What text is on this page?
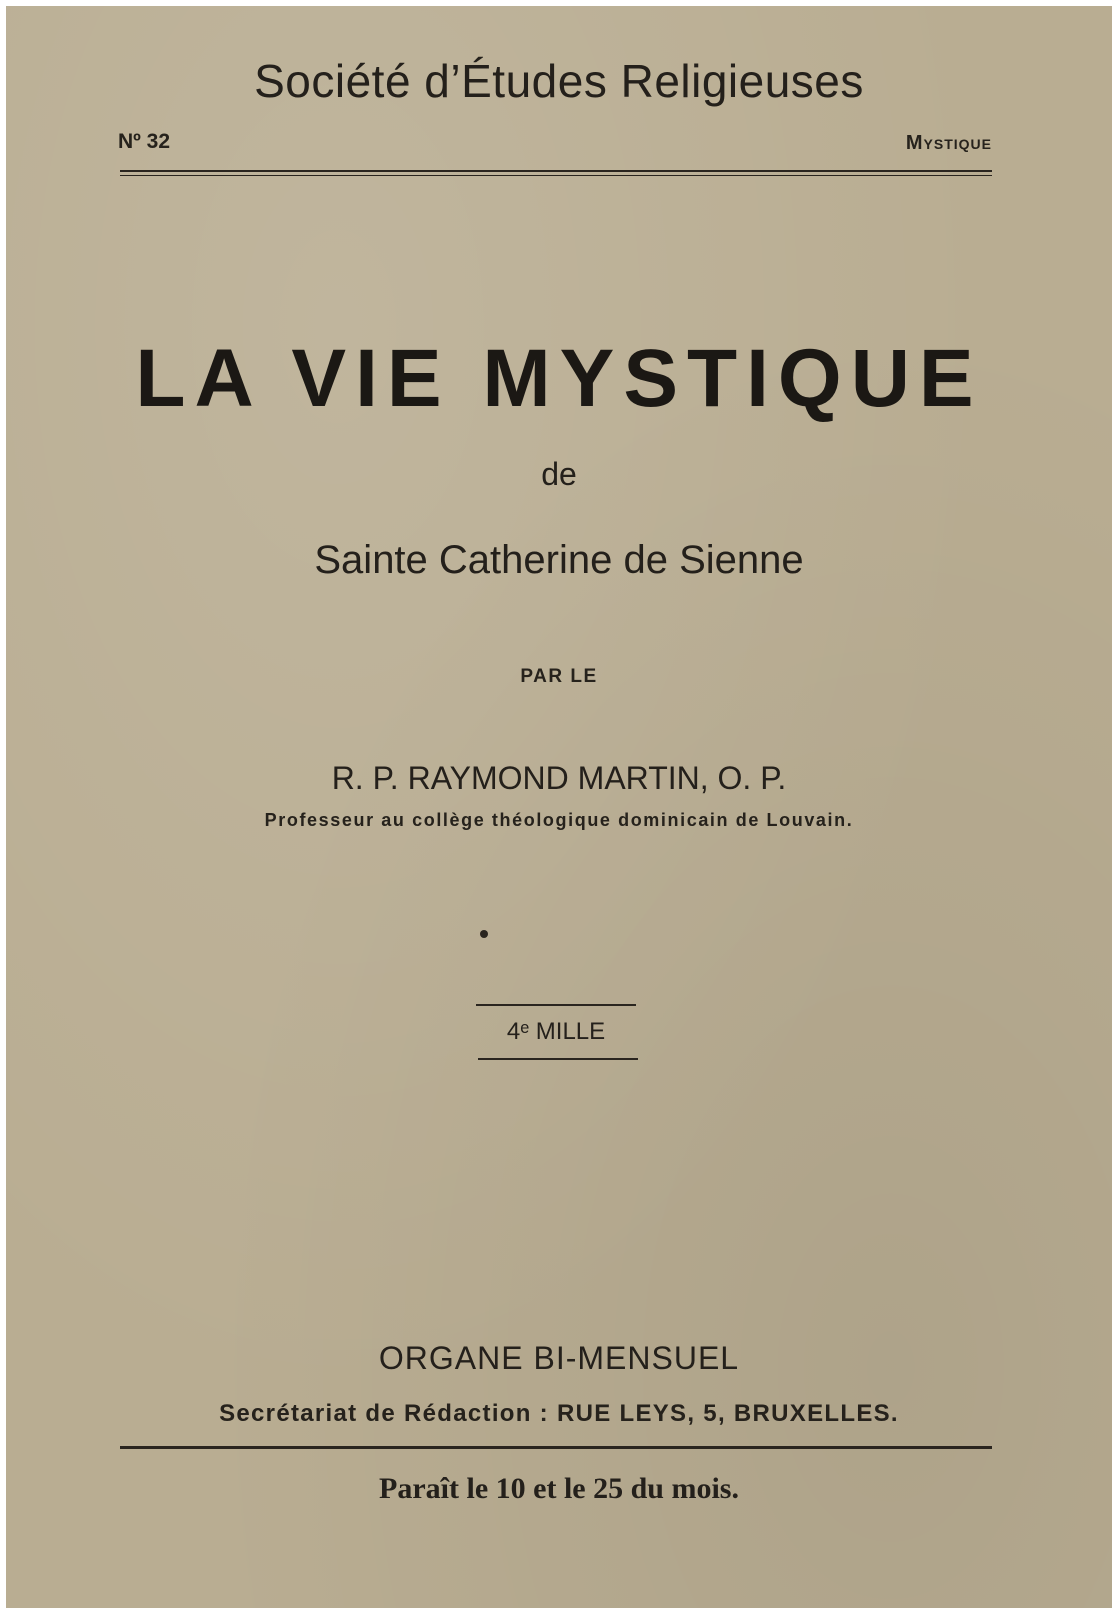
Société d’Études Religieuses
Nº 32	Mystique
LA VIE MYSTIQUE
de
Sainte Catherine de Sienne
PAR LE
R. P. RAYMOND MARTIN, O. P.
Professeur au collège théologique dominicain de Louvain.
4ᵉ MILLE
ORGANE BI-MENSUEL
Secrétariat de Rédaction : RUE LEYS, 5, BRUXELLES.
Paraît le 10 et le 25 du mois.
